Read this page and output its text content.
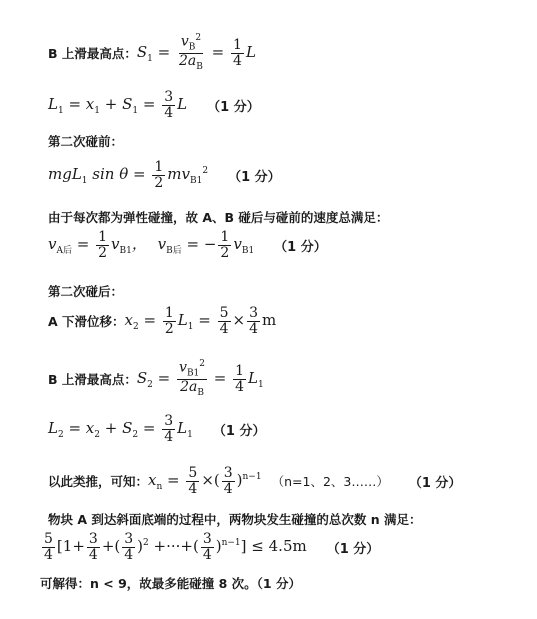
B 上滑最高点： $S_1 = \frac{v_B^2}{2a_B} = \frac{1}{4}$ L
$L_1 = x_1 + S_1 = \frac{3}{4}$ L （1 分）
第二次碰前：
mgL$_1$ $\sin \theta = \frac{1}{2} mv_{B1}^2$ （1 分）
由于每次都为弹性碰撞，故 A、B 碰后与碰前的速度总满足：
$v_{A后} = \frac{1}{2} v_{B1}$， $v_{B后}$ = − $\frac{1}{2} v_{B1}$ （1 分）
第二次碰后：
A 下滑位移： $x_2 = \frac{1}{2} L_1 = \frac{5}{4} \times \frac{3}{4}$ m
B 上滑最高点： $S_2 = \frac{v_{B1}^2}{2a_B} = \frac{1}{4} L_1$
$L_2 = x_2 + S_2 = \frac{3}{4} L_1$ （1 分）
以此类推，可知： $x_n = \frac{5}{4}$ ×( $\frac{3}{4} )^{n-1}$ （n=1、2、3……） （1 分）
物块 A 到达斜面底端的过程中，两物块发生碰撞的总次数 n 满足：
$\frac{5}{4} [1+ \frac{3}{4}$ +( $\frac{3}{4} )^2$ +···+( $\frac{3}{4} )^{n-1}] \le 4.5m$ （1 分）
可解得：n < 9，故最多能碰撞 8 次。（1 分）
